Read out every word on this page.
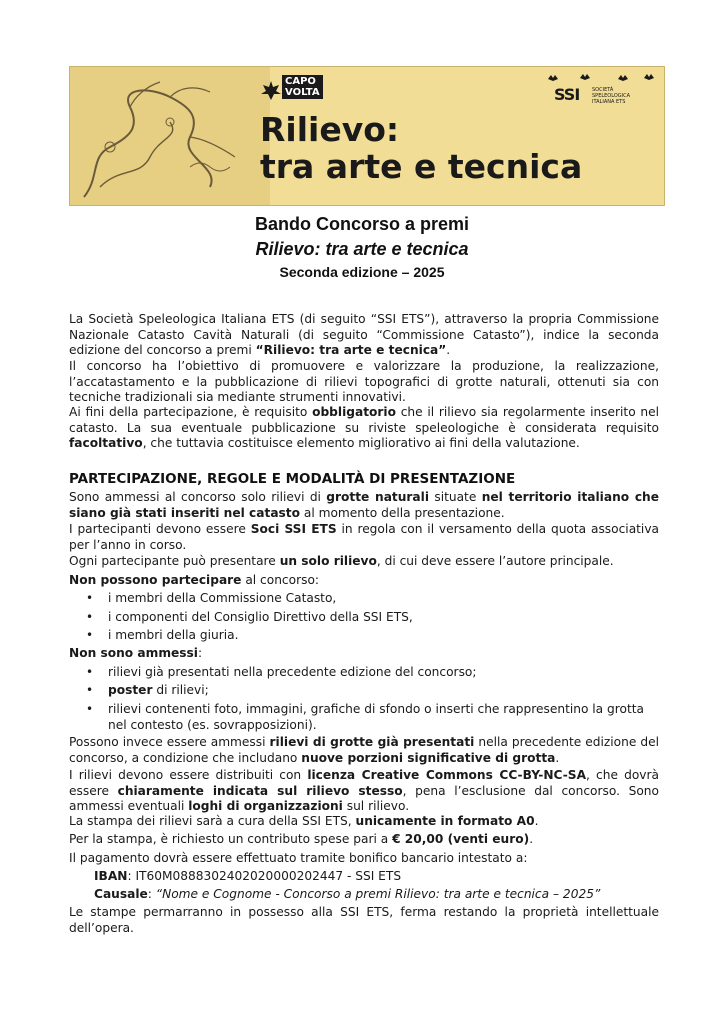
CAPO
VOLTA	SSI	SOCIETÀ SPELEOLOGICA ITALIANA ETS
Rilievo:
tra arte e tecnica
Bando Concorso a premi
Rilievo: tra arte e tecnica
Seconda edizione – 2025

La Società Speleologica Italiana ETS (di seguito “SSI ETS”), attraverso la propria Commissione Nazionale Catasto Cavità Naturali (di seguito “Commissione Catasto”), indice la seconda edizione del concorso a premi “Rilievo: tra arte e tecnica”.

Il concorso ha l’obiettivo di promuovere e valorizzare la produzione, la realizzazione, l’accatastamento e la pubblicazione di rilievi topografici di grotte naturali, ottenuti sia con tecniche tradizionali sia mediante strumenti innovativi.

Ai fini della partecipazione, è requisito obbligatorio che il rilievo sia regolarmente inserito nel catasto. La sua eventuale pubblicazione su riviste speleologiche è considerata requisito facoltativo, che tuttavia costituisce elemento migliorativo ai fini della valutazione.

PARTECIPAZIONE, REGOLE E MODALITÀ DI PRESENTAZIONE

Sono ammessi al concorso solo rilievi di grotte naturali situate nel territorio italiano che siano già stati inseriti nel catasto al momento della presentazione.

I partecipanti devono essere Soci SSI ETS in regola con il versamento della quota associativa per l’anno in corso.

Ogni partecipante può presentare un solo rilievo, di cui deve essere l’autore principale.

Non possono partecipare al concorso:

•	i membri della Commissione Catasto,

•	i componenti del Consiglio Direttivo della SSI ETS,

•	i membri della giuria.

Non sono ammessi:

•	rilievi già presentati nella precedente edizione del concorso;

•	poster di rilievi;

•	rilievi contenenti foto, immagini, grafiche di sfondo o inserti che rappresentino la grotta nel contesto (es. sovrapposizioni).

Possono invece essere ammessi rilievi di grotte già presentati nella precedente edizione del concorso, a condizione che includano nuove porzioni significative di grotta.

I rilievi devono essere distribuiti con licenza Creative Commons CC-BY-NC-SA, che dovrà essere chiaramente indicata sul rilievo stesso, pena l’esclusione dal concorso. Sono ammessi eventuali loghi di organizzazioni sul rilievo.

La stampa dei rilievi sarà a cura della SSI ETS, unicamente in formato A0.

Per la stampa, è richiesto un contributo spese pari a € 20,00 (venti euro).

Il pagamento dovrà essere effettuato tramite bonifico bancario intestato a:

IBAN: IT60M0888302402020000202447 - SSI ETS

Causale: “Nome e Cognome - Concorso a premi Rilievo: tra arte e tecnica – 2025”

Le stampe permarranno in possesso alla SSI ETS, ferma restando la proprietà intellettuale dell’opera.
